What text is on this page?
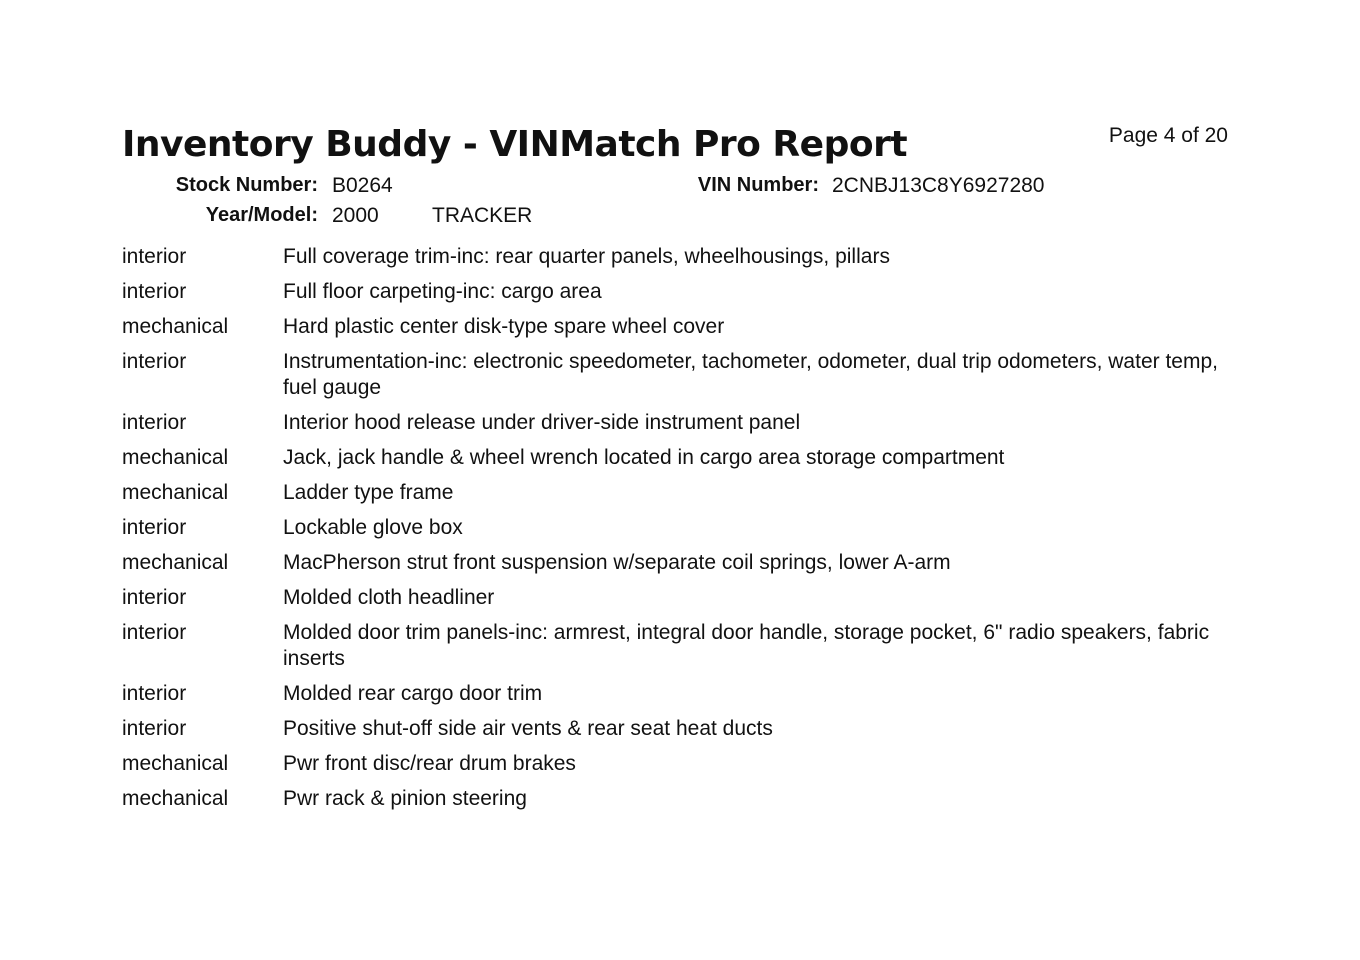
Inventory Buddy - VINMatch Pro Report	Page 4 of 20
Stock Number: B0264	VIN Number: 2CNBJ13C8Y6927280
Year/Model: 2000	TRACKER
interior	Full coverage trim-inc: rear quarter panels, wheelhousings, pillars
interior	Full floor carpeting-inc: cargo area
mechanical	Hard plastic center disk-type spare wheel cover
interior	Instrumentation-inc: electronic speedometer, tachometer, odometer, dual trip odometers, water temp, fuel gauge
interior	Interior hood release under driver-side instrument panel
mechanical	Jack, jack handle & wheel wrench located in cargo area storage compartment
mechanical	Ladder type frame
interior	Lockable glove box
mechanical	MacPherson strut front suspension w/separate coil springs, lower A-arm
interior	Molded cloth headliner
interior	Molded door trim panels-inc: armrest, integral door handle, storage pocket, 6" radio speakers, fabric inserts
interior	Molded rear cargo door trim
interior	Positive shut-off side air vents & rear seat heat ducts
mechanical	Pwr front disc/rear drum brakes
mechanical	Pwr rack & pinion steering
